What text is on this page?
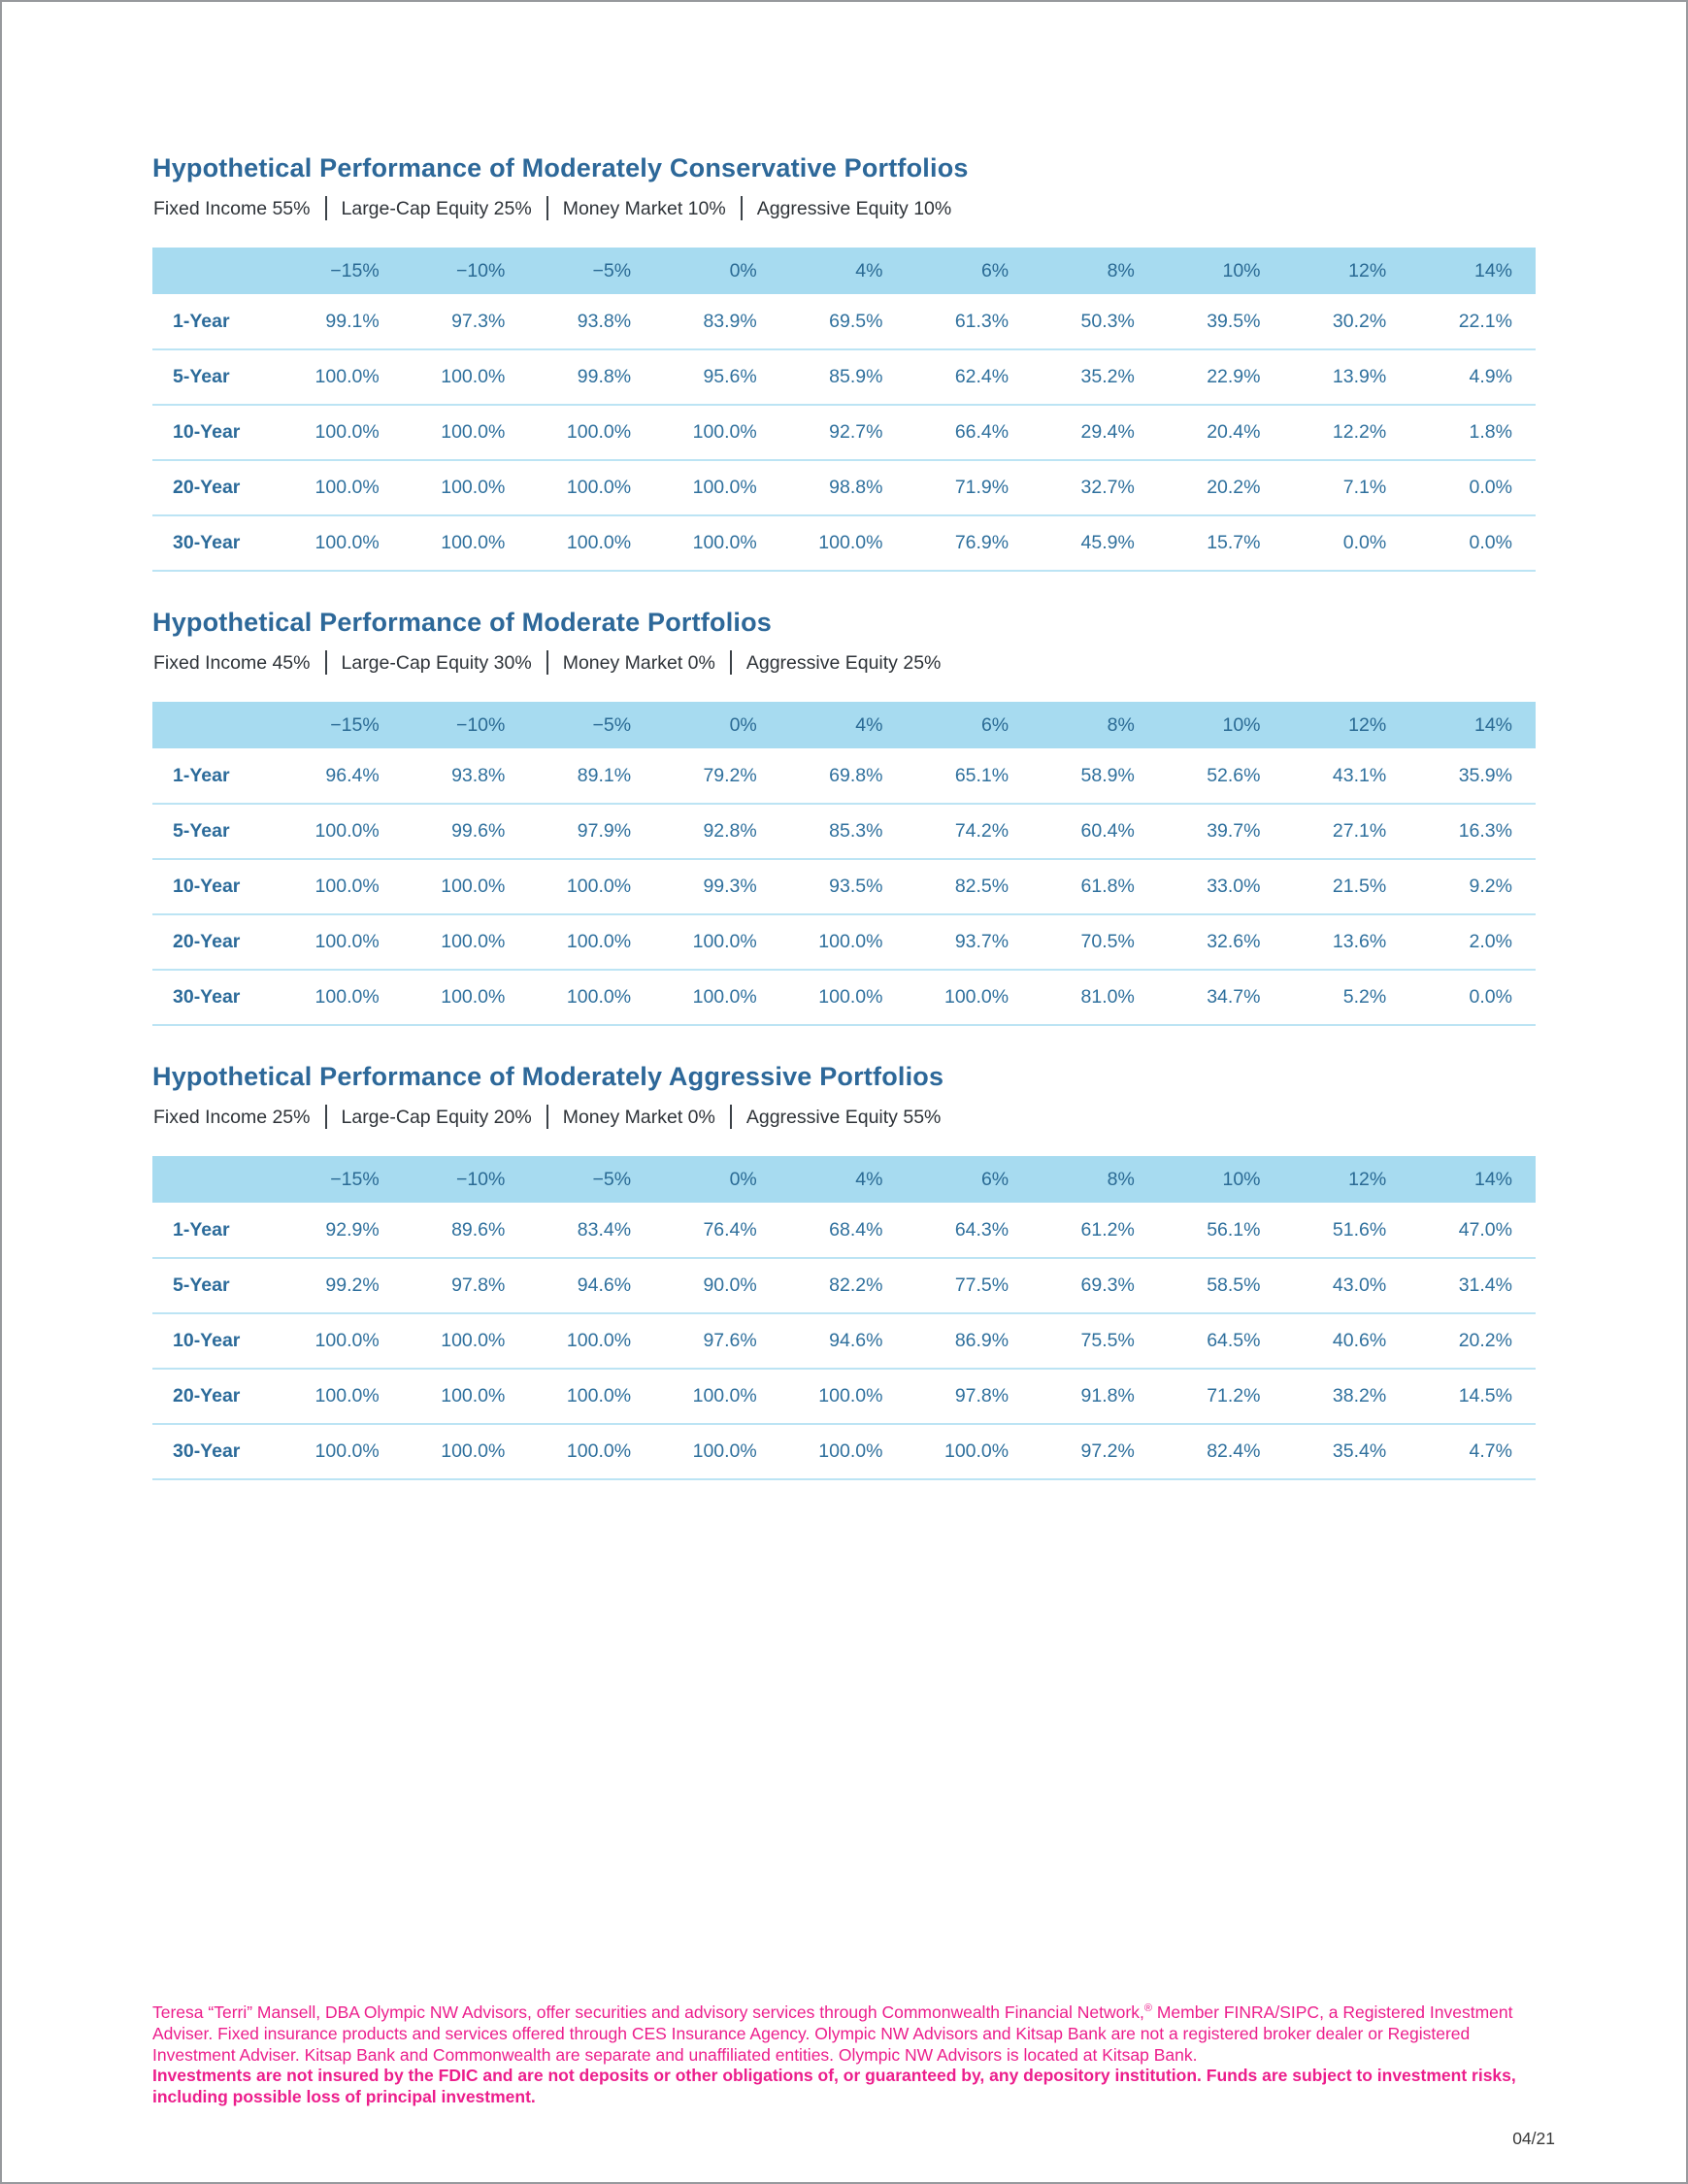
Hypothetical Performance of Moderately Conservative Portfolios
Fixed Income 55% Large-Cap Equity 25% Money Market 10% Aggressive Equity 10%
	−15%	−10%	−5%	0%	4%	6%	8%	10%	12%	14%
1-Year	99.1%	97.3%	93.8%	83.9%	69.5%	61.3%	50.3%	39.5%	30.2%	22.1%
5-Year	100.0%	100.0%	99.8%	95.6%	85.9%	62.4%	35.2%	22.9%	13.9%	4.9%
10-Year	100.0%	100.0%	100.0%	100.0%	92.7%	66.4%	29.4%	20.4%	12.2%	1.8%
20-Year	100.0%	100.0%	100.0%	100.0%	98.8%	71.9%	32.7%	20.2%	7.1%	0.0%
30-Year	100.0%	100.0%	100.0%	100.0%	100.0%	76.9%	45.9%	15.7%	0.0%	0.0%
Hypothetical Performance of Moderate Portfolios
Fixed Income 45% Large-Cap Equity 30% Money Market 0% Aggressive Equity 25%
	−15%	−10%	−5%	0%	4%	6%	8%	10%	12%	14%
1-Year	96.4%	93.8%	89.1%	79.2%	69.8%	65.1%	58.9%	52.6%	43.1%	35.9%
5-Year	100.0%	99.6%	97.9%	92.8%	85.3%	74.2%	60.4%	39.7%	27.1%	16.3%
10-Year	100.0%	100.0%	100.0%	99.3%	93.5%	82.5%	61.8%	33.0%	21.5%	9.2%
20-Year	100.0%	100.0%	100.0%	100.0%	100.0%	93.7%	70.5%	32.6%	13.6%	2.0%
30-Year	100.0%	100.0%	100.0%	100.0%	100.0%	100.0%	81.0%	34.7%	5.2%	0.0%
Hypothetical Performance of Moderately Aggressive Portfolios
Fixed Income 25% Large-Cap Equity 20% Money Market 0% Aggressive Equity 55%
	−15%	−10%	−5%	0%	4%	6%	8%	10%	12%	14%
1-Year	92.9%	89.6%	83.4%	76.4%	68.4%	64.3%	61.2%	56.1%	51.6%	47.0%
5-Year	99.2%	97.8%	94.6%	90.0%	82.2%	77.5%	69.3%	58.5%	43.0%	31.4%
10-Year	100.0%	100.0%	100.0%	97.6%	94.6%	86.9%	75.5%	64.5%	40.6%	20.2%
20-Year	100.0%	100.0%	100.0%	100.0%	100.0%	97.8%	91.8%	71.2%	38.2%	14.5%
30-Year	100.0%	100.0%	100.0%	100.0%	100.0%	100.0%	97.2%	82.4%	35.4%	4.7%

Teresa “Terri” Mansell, DBA Olympic NW Advisors, offer securities and advisory services through Commonwealth Financial Network,® Member FINRA/SIPC, a Registered Investment Adviser. Fixed insurance products and services offered through CES Insurance Agency. Olympic NW Advisors and Kitsap Bank are not a registered broker dealer or Registered Investment Adviser. Kitsap Bank and Commonwealth are separate and unaffiliated entities. Olympic NW Advisors is located at Kitsap Bank.

Investments are not insured by the FDIC and are not deposits or other obligations of, or guaranteed by, any depository institution. Funds are subject to investment risks, including possible loss of principal investment.

04/21
